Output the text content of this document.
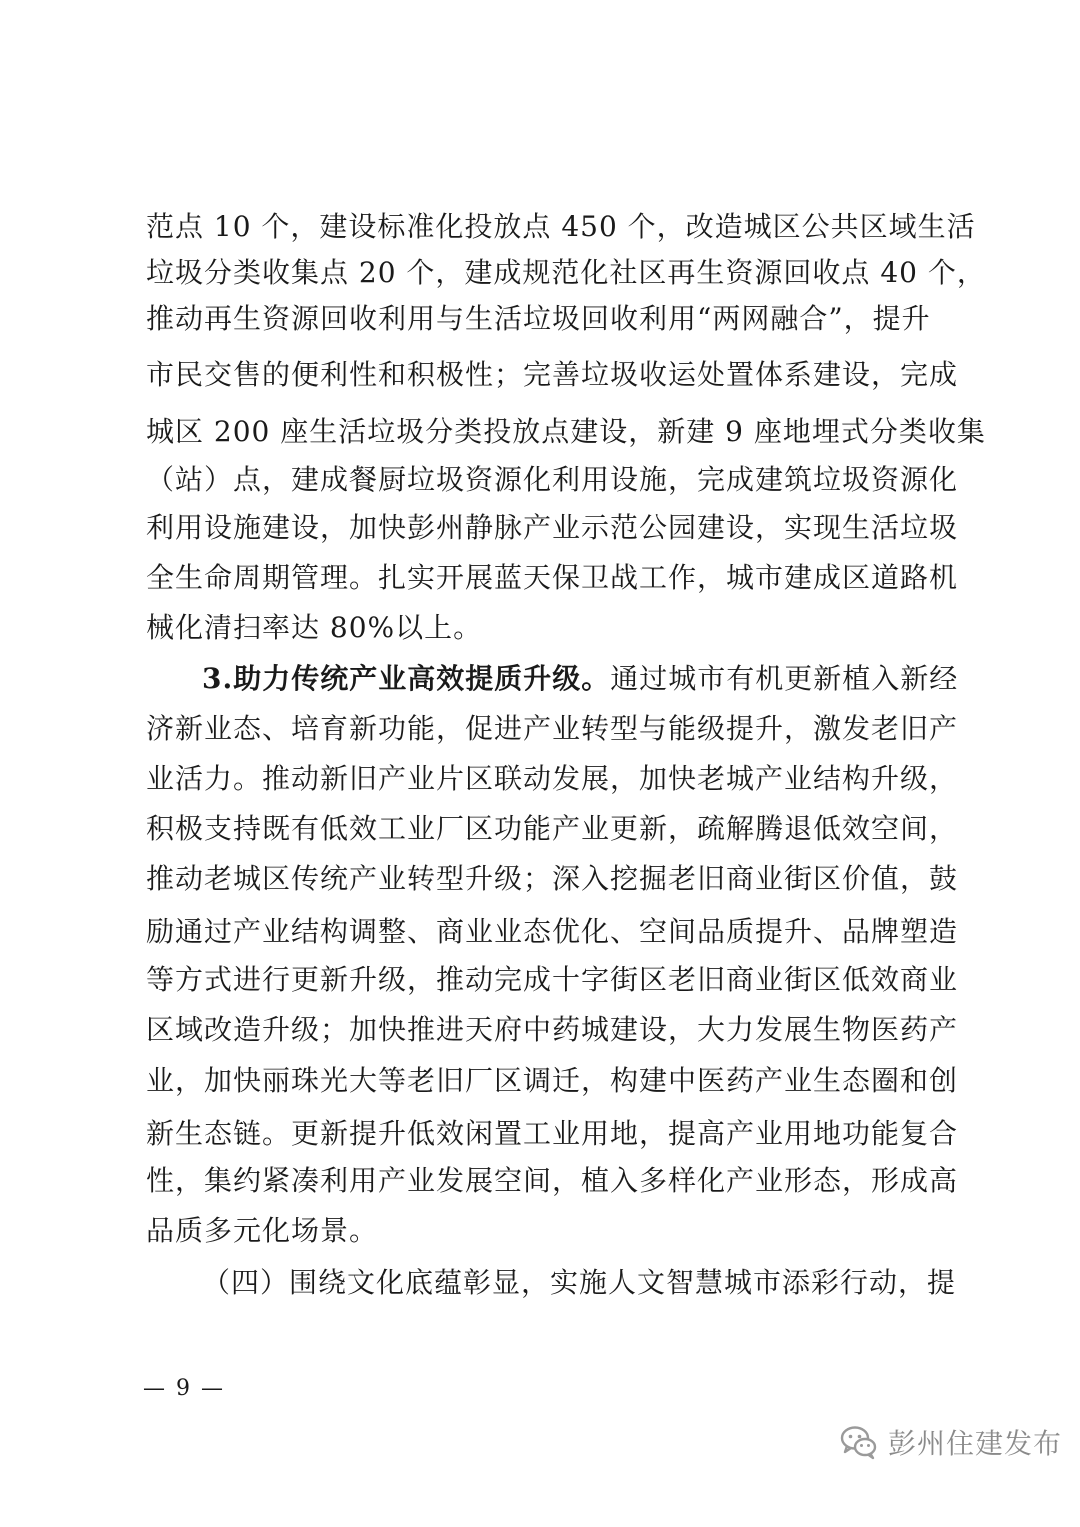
范点 10 个，建设标准化投放点 450 个，改造城区公共区域生活
垃圾分类收集点 20 个，建成规范化社区再生资源回收点 40 个，
推动再生资源回收利用与生活垃圾回收利用“两网融合”，提升
市民交售的便利性和积极性；完善垃圾收运处置体系建设，完成
城区 200 座生活垃圾分类投放点建设，新建 9 座地埋式分类收集
（站）点，建成餐厨垃圾资源化利用设施，完成建筑垃圾资源化
利用设施建设，加快彭州静脉产业示范公园建设，实现生活垃圾
全生命周期管理。扎实开展蓝天保卫战工作，城市建成区道路机
械化清扫率达 80%以上。
3.助力传统产业高效提质升级。通过城市有机更新植入新经
济新业态、培育新功能，促进产业转型与能级提升，激发老旧产
业活力。推动新旧产业片区联动发展，加快老城产业结构升级，
积极支持既有低效工业厂区功能产业更新，疏解腾退低效空间，
推动老城区传统产业转型升级；深入挖掘老旧商业街区价值，鼓
励通过产业结构调整、商业业态优化、空间品质提升、品牌塑造
等方式进行更新升级，推动完成十字街区老旧商业街区低效商业
区域改造升级；加快推进天府中药城建设，大力发展生物医药产
业，加快丽珠光大等老旧厂区调迁，构建中医药产业生态圈和创
新生态链。更新提升低效闲置工业用地，提高产业用地功能复合
性，集约紧凑利用产业发展空间，植入多样化产业形态，形成高
品质多元化场景。
（四）围绕文化底蕴彰显，实施人文智慧城市添彩行动，提
— 9 —
彭州住建发布
